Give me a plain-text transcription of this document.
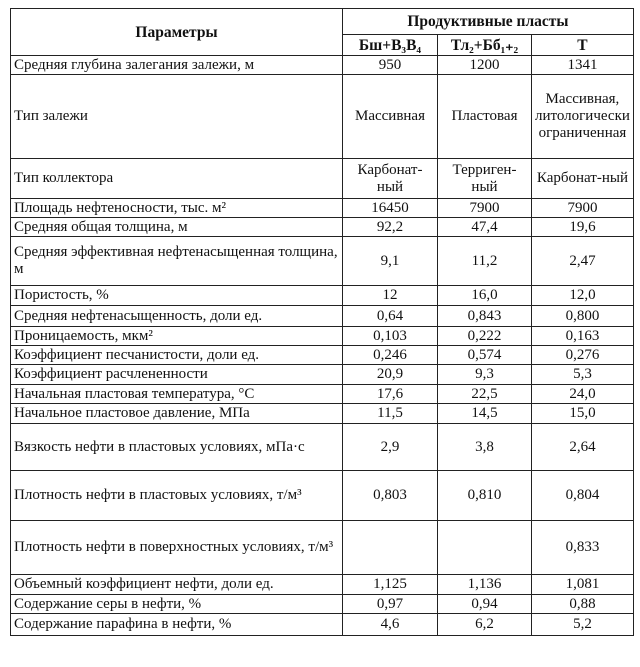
Параметры	Продуктивные пласты		
	Бш+В₃В₄	Тл₂+Бб₁₊₂	Т
Средняя глубина залегания залежи, м	950	1200	1341
Тип залежи	Массивная	Пластовая	Массивная, литологически ограниченная
Тип коллектора	Карбонат-ный	Терриген-ный	Карбонат-ный
Площадь нефтеносности, тыс. м²	16450	7900	7900
Средняя общая толщина, м	92,2	47,4	19,6
Средняя эффективная нефтенасыщенная толщина, м	9,1	11,2	2,47
Пористость, %	12	16,0	12,0
Средняя нефтенасыщенность, доли ед.	0,64	0,843	0,800
Проницаемость, мкм²	0,103	0,222	0,163
Коэффициент песчанистости, доли ед.	0,246	0,574	0,276
Коэффициент расчлененности	20,9	9,3	5,3
Начальная пластовая температура, °С	17,6	22,5	24,0
Начальное пластовое давление, МПа	11,5	14,5	15,0
Вязкость нефти в пластовых условиях, мПа·с	2,9	3,8	2,64
Плотность нефти в пластовых условиях, т/м³	0,803	0,810	0,804
Плотность нефти в поверхностных условиях, т/м³			0,833
Объемный коэффициент нефти, доли ед.	1,125	1,136	1,081
Содержание серы в нефти, %	0,97	0,94	0,88
Содержание парафина в нефти, %	4,6	6,2	5,2
